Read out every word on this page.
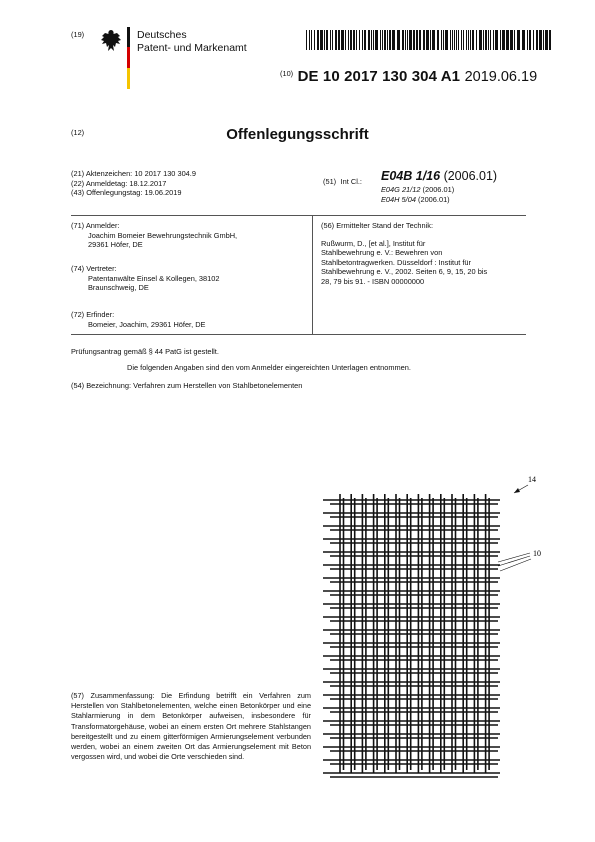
(19)	Deutsches
Patent- und Markenamt
$^{(10)}$ DE 10 2017 130 304 A1 2019.06.19
(12)	Offenlegungsschrift
(21) Aktenzeichen: 10 2017 130 304.9
(22) Anmeldetag: 18.12.2017
(43) Offenlegungstag: 19.06.2019
(51) Int Cl.:	E04B 1/16 (2006.01)
E04G 21/12 (2006.01)
E04H 5/04 (2006.01)
(71) Anmelder:
Joachim Bomeier Bewehrungstechnik GmbH,
29361 Höfer, DE
(74) Vertreter:
Patentanwälte Einsel & Kollegen, 38102
Braunschweig, DE
(72) Erfinder:
Bomeier, Joachim, 29361 Höfer, DE
(56) Ermittelter Stand der Technik:
Rußwurm, D., [et al.], Institut für
Stahlbewehrung e. V.: Bewehren von
Stahlbetontragwerken. Düsseldorf : Institut für
Stahlbewehrung e. V., 2002. Seiten 6, 9, 15, 20 bis
28, 79 bis 91. - ISBN 00000000
Prüfungsantrag gemäß § 44 PatG ist gestellt.
Die folgenden Angaben sind den vom Anmelder eingereichten Unterlagen entnommen.
(54) Bezeichnung: Verfahren zum Herstellen von Stahlbetonelementen
(57) Zusammenfassung: Die Erfindung betrifft ein Verfahren zum Herstellen von Stahlbetonelementen, welche einen Betonkörper und eine Stahlarmierung in dem Betonkörper aufweisen, insbesondere für Transformatorgehäuse, wobei an einem ersten Ort mehrere Stahlstangen bereitgestellt und zu einem gitterförmigen Armierungselement verbunden werden, wobei an einem zweiten Ort das Armierungselement mit Beton vergossen wird, und wobei die Orte verschieden sind.
14
10
